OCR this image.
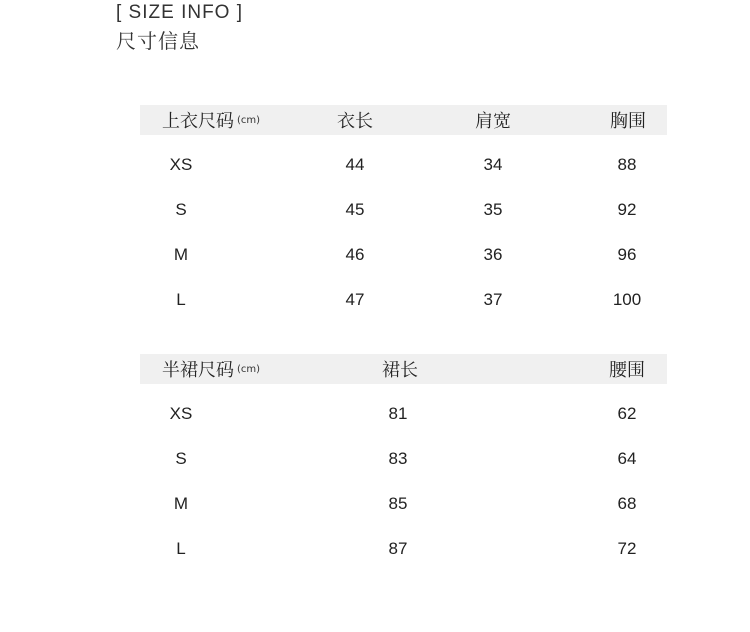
[ SIZE INFO ]
尺寸信息
上衣尺码 (cm)	衣长	肩宽	胸围
XS	44	34	88
S	45	35	92
M	46	36	96
L	47	37	100
半裙尺码 (cm)	裙长	腰围
XS	81	62
S	83	64
M	85	68
L	87	72
